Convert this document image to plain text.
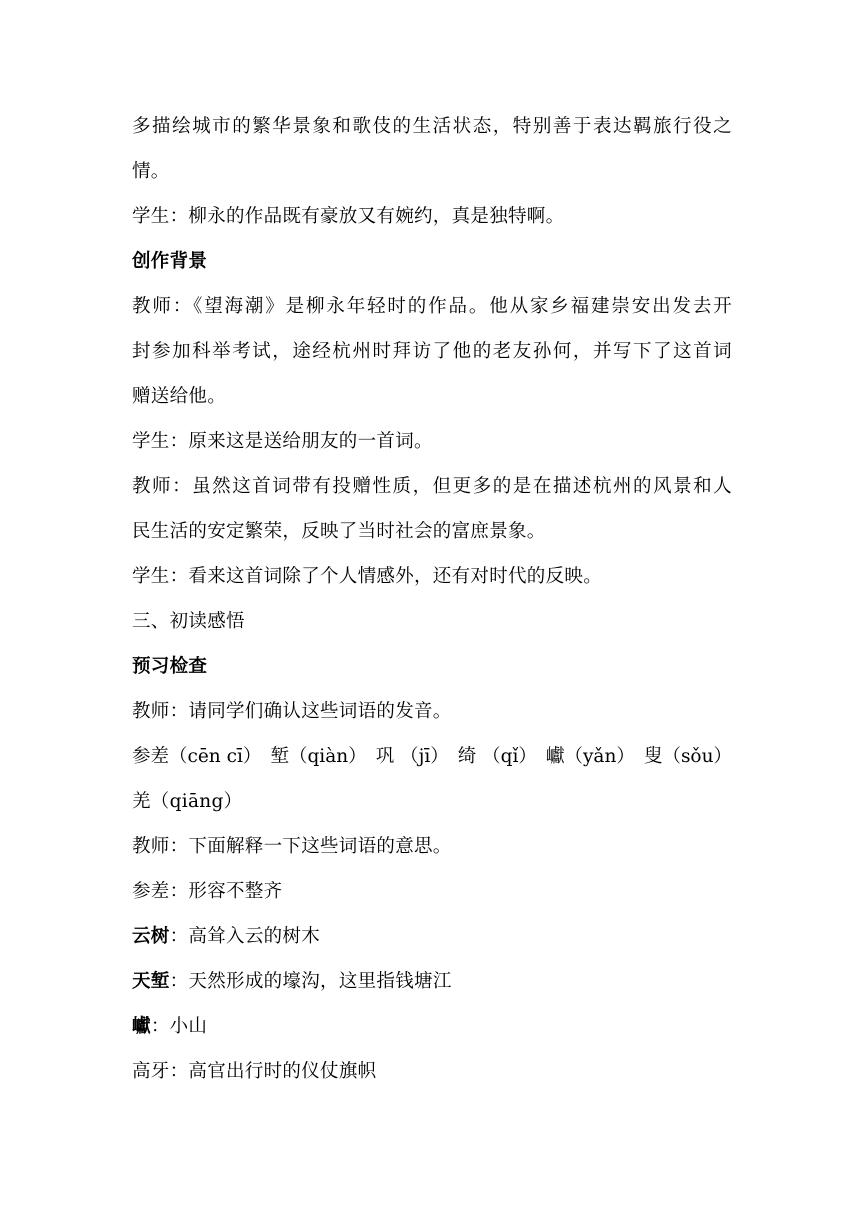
多描绘城市的繁华景象和歌伎的生活状态，特别善于表达羁旅行役之
情。
学生：柳永的作品既有豪放又有婉约，真是独特啊。
创作背景
教师：《望海潮》是柳永年轻时的作品。他从家乡福建崇安出发去开
封参加科举考试，途经杭州时拜访了他的老友孙何，并写下了这首词
赠送给他。
学生：原来这是送给朋友的一首词。
教师：虽然这首词带有投赠性质，但更多的是在描述杭州的风景和人
民生活的安定繁荣，反映了当时社会的富庶景象。
学生：看来这首词除了个人情感外，还有对时代的反映。
三、初读感悟
预习检查
教师：请同学们确认这些词语的发音。
参差（cēn cī） 堑（qiàn） 巩 （jī） 绮 （qǐ） 巘（yǎn） 叟（sǒu）
羌（qiāng）
教师：下面解释一下这些词语的意思。
参差：形容不整齐
云树：高耸入云的树木
天堑：天然形成的壕沟，这里指钱塘江
巘：小山
高牙：高官出行时的仪仗旗帜
